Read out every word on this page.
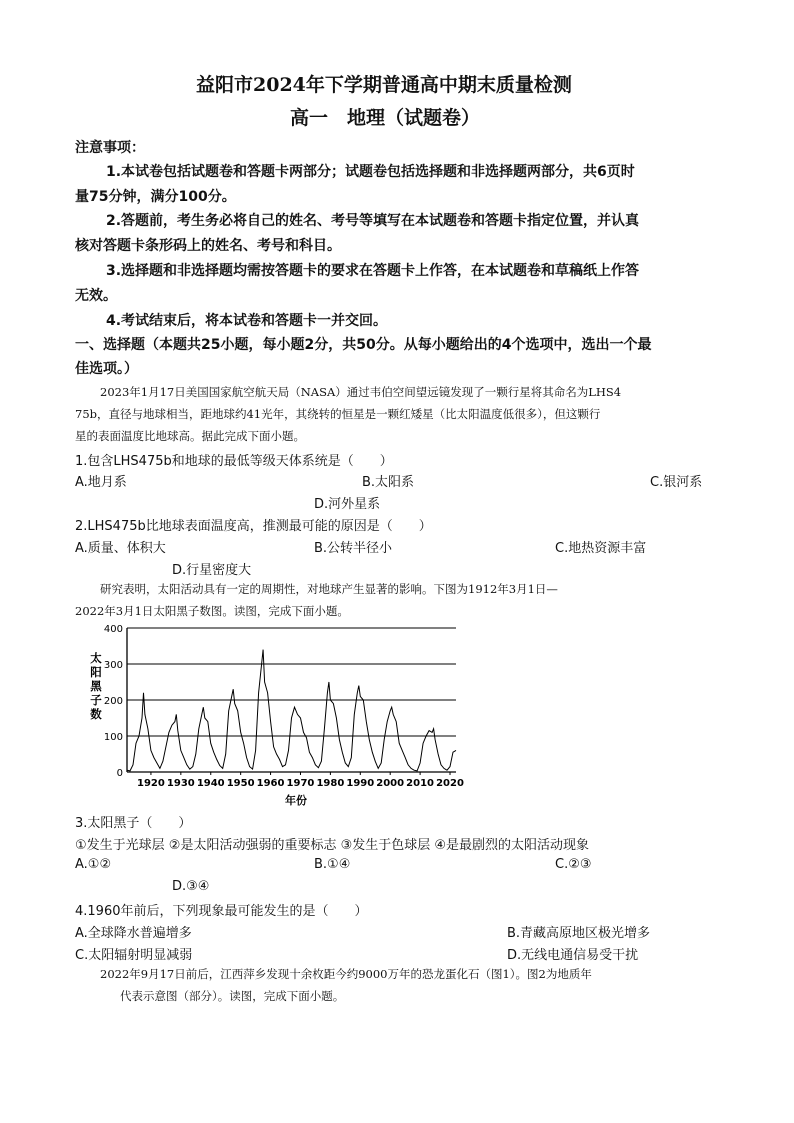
益阳市2024年下学期普通高中期末质量检测
高一　地理（试题卷）
注意事项：
1.本试卷包括试题卷和答题卡两部分；试题卷包括选择题和非选择题两部分，共6页时
量75分钟，满分100分。
2.答题前，考生务必将自己的姓名、考号等填写在本试题卷和答题卡指定位置，并认真
核对答题卡条形码上的姓名、考号和科目。
3.选择题和非选择题均需按答题卡的要求在答题卡上作答，在本试题卷和草稿纸上作答
无效。
4.考试结束后，将本试卷和答题卡一并交回。
一、选择题（本题共25小题，每小题2分，共50分。从每小题给出的4个选项中，选出一个最
佳选项。）
2023年1月17日美国国家航空航天局（NASA）通过韦伯空间望远镜发现了一颗行星将其命名为LHS4
75b，直径与地球相当，距地球约41光年，其绕转的恒星是一颗红矮星（比太阳温度低很多），但这颗行
星的表面温度比地球高。据此完成下面小题。
1.包含LHS475b和地球的最低等级天体系统是（　　）
A.地月系	B.太阳系	C.银河系
D.河外星系
2.LHS475b比地球表面温度高，推测最可能的原因是（　　）
A.质量、体积大	B.公转半径小	C.地热资源丰富
D.行星密度大
研究表明，太阳活动具有一定的周期性，对地球产生显著的影响。下图为1912年3月1日—
2022年3月1日太阳黑子数图。读图，完成下面小题。
0
100
200
300
400
1920 1930 1940 1950 1960 1970 1980 1990 2000 2010 2020
太阳黑子数
年份
3.太阳黑子（　　）
①发生于光球层 ②是太阳活动强弱的重要标志 ③发生于色球层 ④是最剧烈的太阳活动现象
A.①②	B.①④	C.②③
D.③④
4.1960年前后，下列现象最可能发生的是（　　）
A.全球降水普遍增多	B.青藏高原地区极光增多
C.太阳辐射明显减弱	D.无线电通信易受干扰
2022年9月17日前后，江西萍乡发现十余枚距今约9000万年的恐龙蛋化石（图1）。图2为地质年
代表示意图（部分）。读图，完成下面小题。
